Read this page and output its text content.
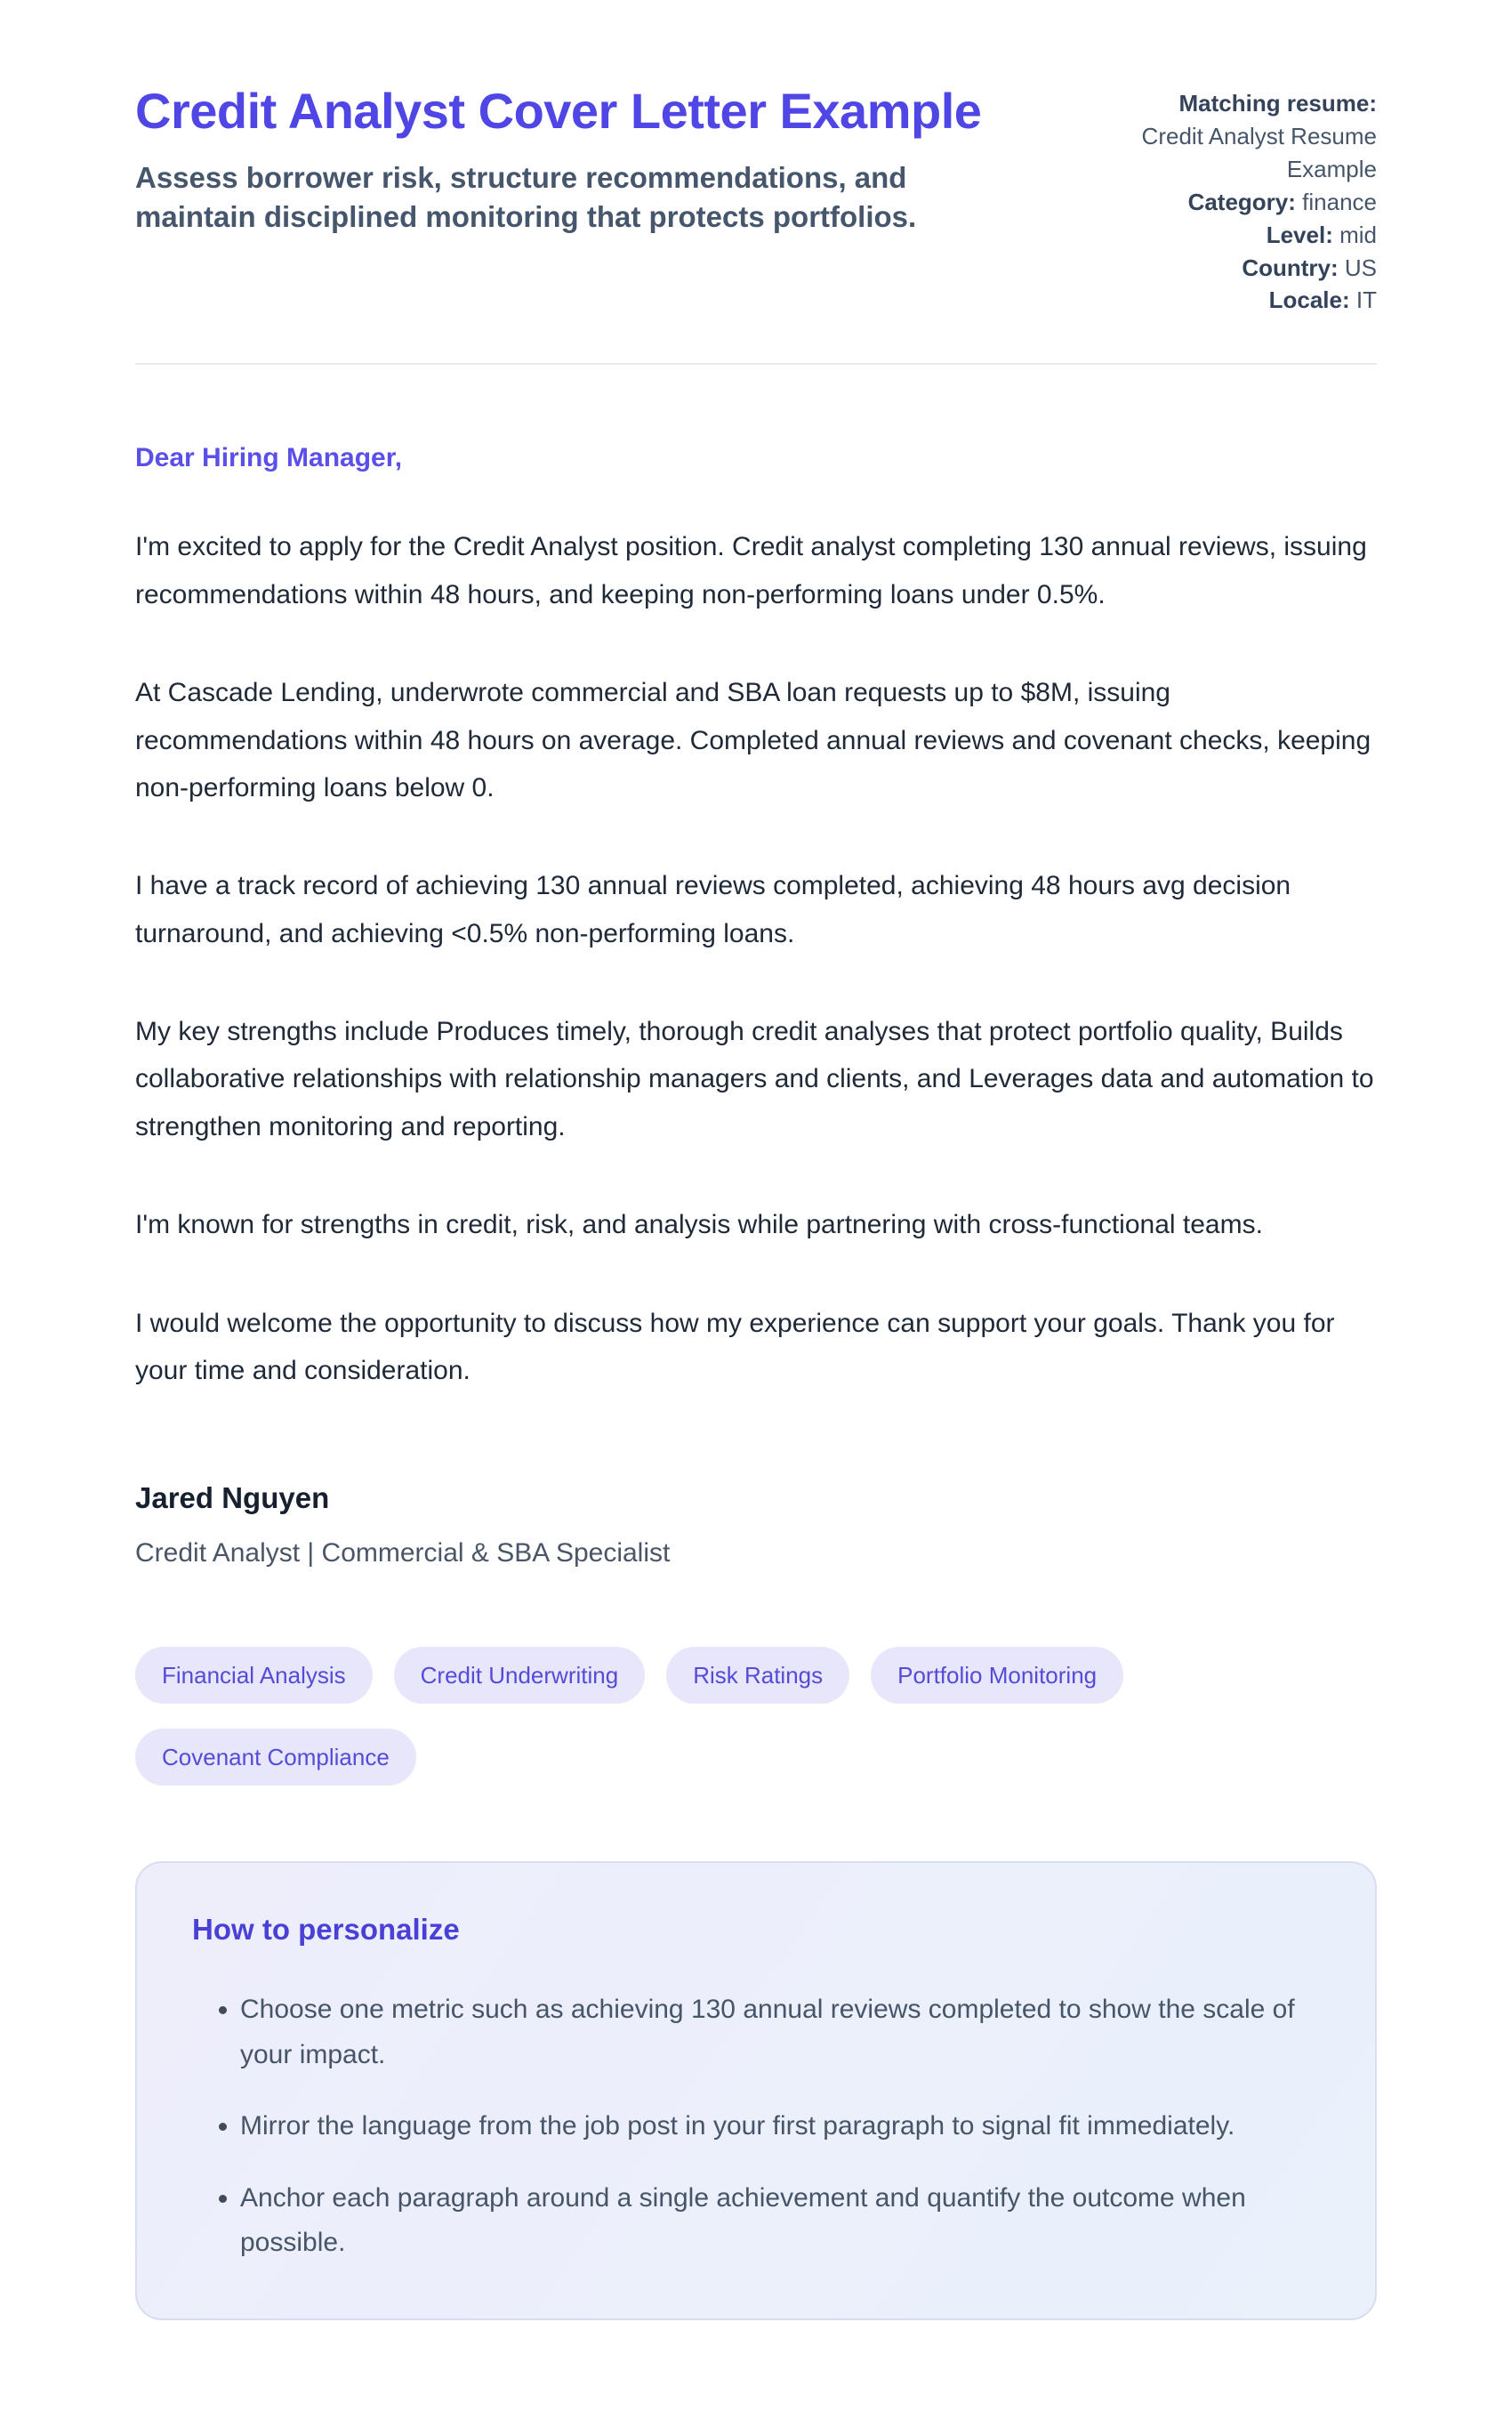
Credit Analyst Cover Letter Example

Assess borrower risk, structure recommendations, and maintain disciplined monitoring that protects portfolios.

Matching resume:
Credit Analyst Resume Example
Category: finance
Level: mid
Country: US
Locale: IT

Dear Hiring Manager,

I'm excited to apply for the Credit Analyst position. Credit analyst completing 130 annual reviews, issuing recommendations within 48 hours, and keeping non-performing loans under 0.5%.

At Cascade Lending, underwrote commercial and SBA loan requests up to $8M, issuing recommendations within 48 hours on average. Completed annual reviews and covenant checks, keeping non-performing loans below 0.

I have a track record of achieving 130 annual reviews completed, achieving 48 hours avg decision turnaround, and achieving <0.5% non-performing loans.

My key strengths include Produces timely, thorough credit analyses that protect portfolio quality, Builds collaborative relationships with relationship managers and clients, and Leverages data and automation to strengthen monitoring and reporting.

I'm known for strengths in credit, risk, and analysis while partnering with cross-functional teams.

I would welcome the opportunity to discuss how my experience can support your goals. Thank you for your time and consideration.

Jared Nguyen
Credit Analyst | Commercial & SBA Specialist
Financial Analysis	Credit Underwriting	Risk Ratings	Portfolio Monitoring
Covenant Compliance
How to personalize
• Choose one metric such as achieving 130 annual reviews completed to show the scale of your impact.
• Mirror the language from the job post in your first paragraph to signal fit immediately.
• Anchor each paragraph around a single achievement and quantify the outcome when possible.
